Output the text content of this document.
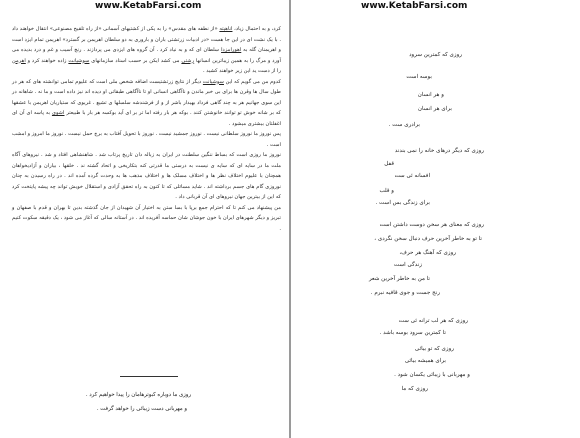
www.KetabFarsi.com

کرد، و به احتمال زیاد، اناهیته «از نطفه های مقدس» را به یکی از کشتیهای آسمانی «از راه تلقیح مصنوعی» انتقال خواهند داد . با یک نشت ای در این جا هست «در ادبیات زرتشتی باران و باروری به دو سلطان اهریمن بر گسترد» اهریمن تمام ایزد است و اهریمنان گله به اهورامزدا سلطان ای که و به نیاد کرد . آن گروه های ایزدی می پردازند . رنج آسیب و غم و درد بدیده می آورد و مرگ را به همین زیباترین انسانها رشتی می کشد ایکن بر حسب اسناد سازمانهای سوشیانت زاده خواهند کرد و اهرمن را از دست ید این زیر خواهند کشید .

کدوم من می گویم که این سوشیانت دیگر از نتایج زرتشتیست اضافه شخص ملی است که علیوم تمامی توانشته های که هر در طول سال ها وقرن ها برای بی خبر ماندن و ناآگاهی انسانی او تا ناآگاهی طبقاتی او دیده اند نیز داده است و ما نه . شاهانه در این سوی جهانیم هر به چند گاهی فرداد بهیدار باشر از و از فرشندشه سلسلها ی تشیع . غریوی که ستیاریان اهریمن با عشقها که بر شانه خوش تو توانند خانوشتن کنند . بوکه هر بار رفته اما تر بر ای آید بوکسه هر بار با طبیعتر اشوی به پاسه ای آن ای اغفلتان بیشتری میشود .

پس نوروز ما نوروز سلطانی نیست . نوروز جمشید نیست . نوروز با تحویل آفتاب به برج حمل نیست . نوروز ما امروز و امشب است .

نوروز ما روزی است که بساط ننگین سلطنت در ایران به زباله دان تاریخ پرتاب شد . شاهنشاهی افتاد و شد . نیروهای آگاه ملت ما در سایه ای که سایه ی نیست به درستی ما قدرتی کنه بتکاریخی و اتحاد گشته ند . خلقها ، بیاران و آزادیخواهان همچنان با علیوم اختلاف نظر ها و اختلاف مسلک ها و اختلاف مذهب ها به وحدت گرده آمده اند . در راه رسیدن به چنان نوروزی گام های جسم برداشته اند . شاید مسائلی که تا کنون به راه تحقق آزادی و استقلال خویش تواند چه پیشه پایتخت کرد که این از بیترین جهان نیروهای ای آن قربانی داد .

من پیشنهاد می کنم تا که احترام جمع برپا با بسا ستن به اختیار آن شهیدان از جان گذشته بدین تا بهران و قدم با صفهان و تبریز و دیگر شهرهای ایران با خون جوشان شان حماسه آفریده اند . در آستانه سالی که آغاز می شود ، یک دقیقه سکوت کنیم .

روزی ما دوباره کبوترهامان را پیدا خواهیم کرد .
و مهربانی دست زیبائی را خواهد گرفت .
www.KetabFarsi.com
روزی که کمترین سرود
بوسه است
و هر انسان
برای هر انسان
برادری ست .
روزی که دیگر درهای خانه را نمی بندند
قفل
افسانه ئی ست
و قلب
برای زندگی بس است .
روزی که معنای هر سخن دوست داشتن است
تا تو به خاطر آخرین حرف دنبال سخن نگردی ،
روزی که آهنگ هر حرف،
زندگی است
تا من به خاطر آخرین شعر
رنج جست و جوی قافیه نبرم .
روزی که هر لب ترانه ئی ست
تا کمترین سرود بوسه باشد .
روزی که تو بیائی
برای همیشه بیائی
و مهربانی با زیبائی یکسان شود .
روزی که ما
